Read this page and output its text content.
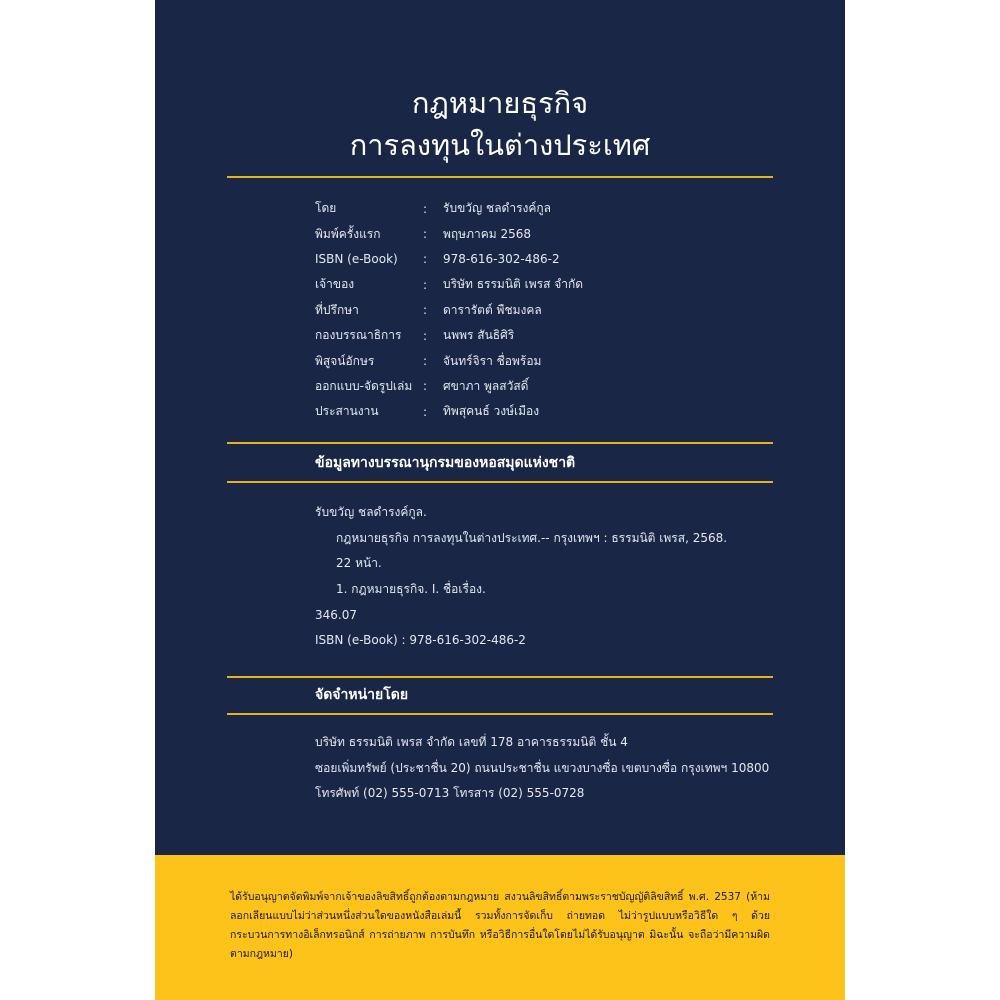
กฎหมายธุรกิจ
การลงทุนในต่างประเทศ
โดย	:	รับขวัญ ชลดำรงค์กูล
พิมพ์ครั้งแรก	:	พฤษภาคม 2568
ISBN (e-Book)	:	978-616-302-486-2
เจ้าของ	:	บริษัท ธรรมนิติ เพรส จำกัด
ที่ปรึกษา	:	ดารารัตต์ พืชมงคล
กองบรรณาธิการ	:	นพพร สันธิศิริ
พิสูจน์อักษร	:	จันทร์จิรา ชื่อพร้อม
ออกแบบ-จัดรูปเล่ม :	ศขาภา พูลสวัสดิ์
ประสานงาน	:	ทิพสุคนธ์ วงษ์เมือง
ข้อมูลทางบรรณานุกรมของหอสมุดแห่งชาติ
รับขวัญ ชลดำรงค์กูล.
กฎหมายธุรกิจ การลงทุนในต่างประเทศ.-- กรุงเทพฯ : ธรรมนิติ เพรส, 2568.
22 หน้า.
1. กฎหมายธุรกิจ. I. ชื่อเรื่อง.
346.07
ISBN (e-Book) : 978-616-302-486-2
จัดจำหน่ายโดย
บริษัท ธรรมนิติ เพรส จำกัด เลขที่ 178 อาคารธรรมนิติ ชั้น 4
ซอยเพิ่มทรัพย์ (ประชาชื่น 20) ถนนประชาชื่น แขวงบางซื่อ เขตบางซื่อ กรุงเทพฯ 10800
โทรศัพท์ (02) 555-0713 โทรสาร (02) 555-0728
ได้รับอนุญาตจัดพิมพ์จากเจ้าของลิขสิทธิ์ถูกต้องตามกฎหมาย สงวนลิขสิทธิ์ตามพระราชบัญญัติลิขสิทธิ์ พ.ศ. 2537 (ห้ามลอกเลียนแบบไม่ว่าส่วนหนึ่งส่วนใดของหนังสือเล่มนี้ รวมทั้งการจัดเก็บ ถ่ายทอด ไม่ว่ารูปแบบหรือวิธีใด ๆ ด้วยกระบวนการทางอิเล็กทรอนิกส์ การถ่ายภาพ การบันทึก หรือวิธีการอื่นใดโดยไม่ได้รับอนุญาต มิฉะนั้น จะถือว่ามีความผิดตามกฎหมาย)
